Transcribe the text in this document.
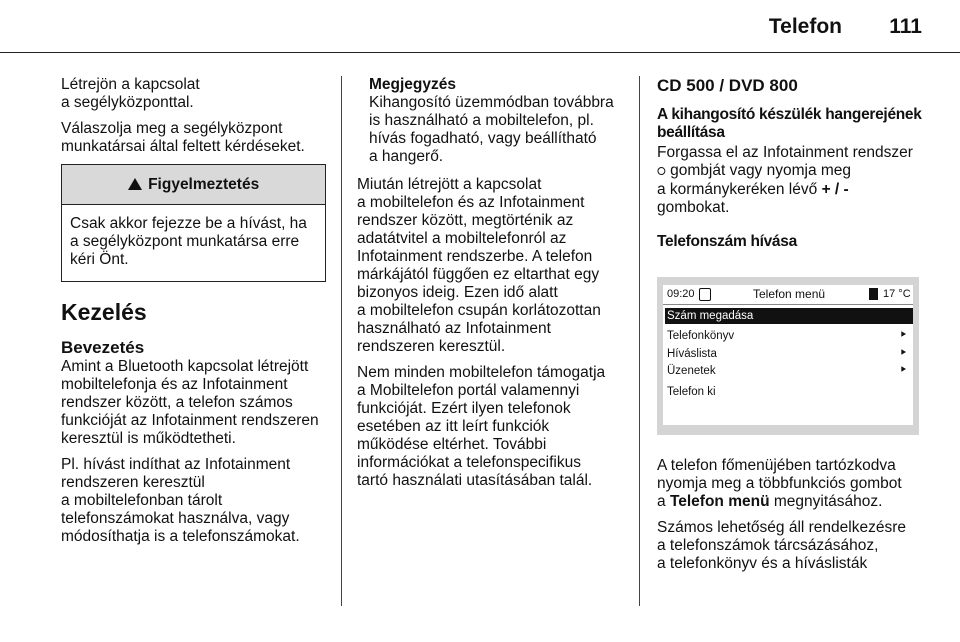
Telefon 111

Létrejön a kapcsolat
a segélyközponttal.

Válaszolja meg a segélyközpont
munkatársai által feltett kérdéseket.

Figyelmeztetés
Csak akkor fejezze be a hívást, ha
a segélyközpont munkatársa erre
kéri Önt.
Kezelés
Bevezetés

Amint a Bluetooth kapcsolat létrejött
mobiltelefonja és az Infotainment
rendszer között, a telefon számos
funkcióját az Infotainment rendszeren
keresztül is működtetheti.

Pl. hívást indíthat az Infotainment
rendszeren keresztül
a mobiltelefonban tárolt
telefonszámokat használva, vagy
módosíthatja is a telefonszámokat.

Megjegyzés

Kihangosító üzemmódban továbbra
is használható a mobiltelefon, pl.
hívás fogadható, vagy beállítható
a hangerő.

Miután létrejött a kapcsolat
a mobiltelefon és az Infotainment
rendszer között, megtörténik az
adatátvitel a mobiltelefonról az
Infotainment rendszerbe. A telefon
márkájától függően ez eltarthat egy
bizonyos ideig. Ezen idő alatt
a mobiltelefon csupán korlátozottan
használható az Infotainment
rendszeren keresztül.

Nem minden mobiltelefon támogatja
a Mobiltelefon portál valamennyi
funkcióját. Ezért ilyen telefonok
esetében az itt leírt funkciók
működése eltérhet. További
információkat a telefonspecifikus
tartó használati utasításában talál.

CD 500 / DVD 800
A kihangosító készülék hangerejének beállítása

Forgassa el az Infotainment rendszer
⭘ gombját vagy nyomja meg
a kormánykeréken lévő + / -
gombokat.

Telefonszám hívása
09:20	Telefon menü	17 °C
Szám megadása
Telefonkönyv	⯈
Híváslista	⯈
Üzenetek	⯈
Telefon ki

A telefon főmenüjében tartózkodva
nyomja meg a többfunkciós gombot
a Telefon menü megnyitásához.

Számos lehetőség áll rendelkezésre
a telefonszámok tárcsázásához,
a telefonkönyv és a híváslisták
